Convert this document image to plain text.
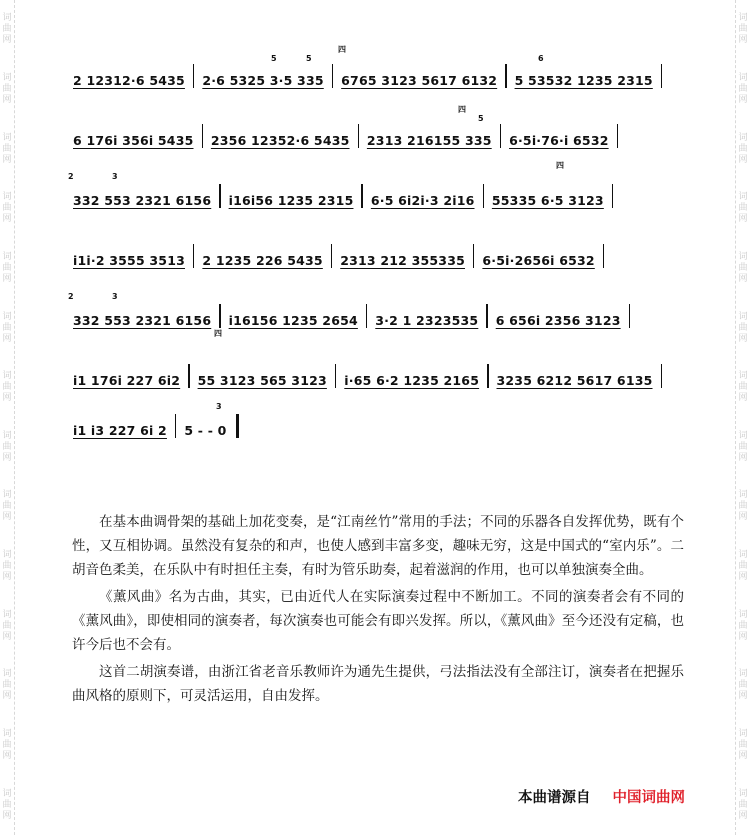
词曲网
词曲网
词曲网
词曲网
词曲网
词曲网
词曲网
词曲网
词曲网
词曲网
词曲网
词曲网
词曲网
词曲网
词曲网
词曲网
词曲网
词曲网
词曲网
词曲网
词曲网
词曲网
词曲网
词曲网
词曲网
词曲网
词曲网
词曲网
2 12312·6 5435	2·6 5325 3·5 335	6765 3123 5617 6132	5 53532 1235 2315
5	5
四
6
6 176i 356i 5435	2356 12352·6 5435	2313 216155 335	6·5i·76·i 6532
5
四
332 553 2321 6156	i16i56 1235 2315	6·5 6i2i·3 2i16	55335 6·5 3123
2	3
四
i1i·2 3555 3513	2 1235 226 5435	2313 212 355335	6·5i·2656i 6532
332 553 2321 6156	i16156 1235 2654	3·2 1 2323535	6 656i 2356 3123
2	3
i1 176i 227 6i2	55 3123 565 3123	i·65 6·2 1235 2165	3235 6212 5617 6135
四
i1 i3 227 6i 2	5 - - 0
3

在基本曲调骨架的基础上加花变奏，是“江南丝竹”常用的手法；不同的乐器各自发挥优势，既有个性，又互相协调。虽然没有复杂的和声，也使人感到丰富多变，趣味无穷，这是中国式的“室内乐”。二胡音色柔美，在乐队中有时担任主奏，有时为管乐助奏，起着滋润的作用，也可以单独演奏全曲。

《薰风曲》名为古曲，其实，已由近代人在实际演奏过程中不断加工。不同的演奏者会有不同的《薰风曲》，即使相同的演奏者，每次演奏也可能会有即兴发挥。所以，《薰风曲》至今还没有定稿，也许今后也不会有。

这首二胡演奏谱，由浙江省老音乐教师许为通先生提供，弓法指法没有全部注订，演奏者在把握乐曲风格的原则下，可灵活运用，自由发挥。

本曲谱源自 中国词曲网
